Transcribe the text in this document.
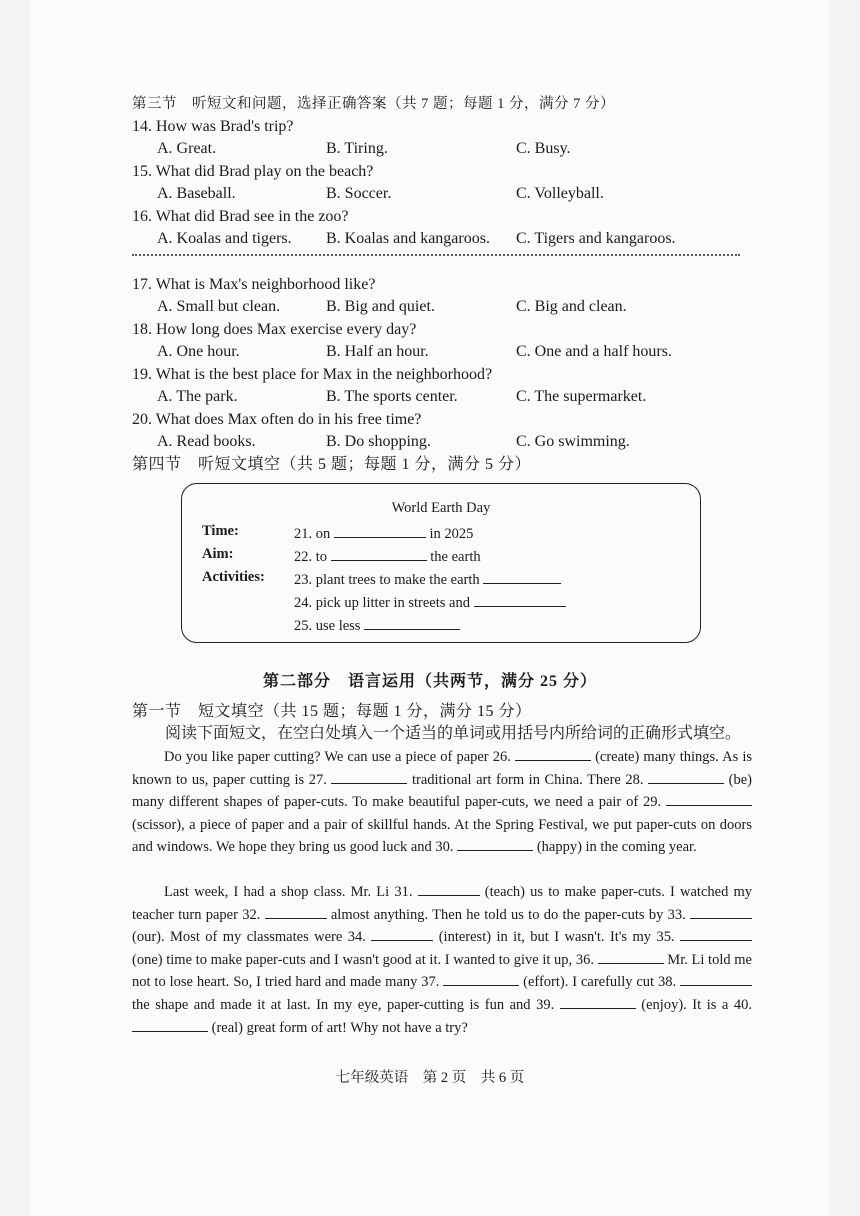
第三节　听短文和问题，选择正确答案（共 7 题；每题 1 分，满分 7 分）
14. How was Brad's trip?
A. Great.	B. Tiring.	C. Busy.
15. What did Brad play on the beach?
A. Baseball.	B. Soccer.	C. Volleyball.
16. What did Brad see in the zoo?
A. Koalas and tigers. B. Koalas and kangaroos. C. Tigers and kangaroos.
17. What is Max's neighborhood like?
A. Small but clean.	B. Big and quiet.	C. Big and clean.
18. How long does Max exercise every day?
A. One hour.	B. Half an hour.	C. One and a half hours.
19. What is the best place for Max in the neighborhood?
A. The park.	B. The sports center.	C. The supermarket.
20. What does Max often do in his free time?
A. Read books.	B. Do shopping.	C. Go swimming.
第四节　听短文填空（共 5 题；每题 1 分，满分 5 分）
World Earth Day
Time:	21. on	in 2025
Aim:	22. to	the earth
Activities: 23. plant trees to make the earth
24. pick up litter in streets and
25. use less
第二部分　语言运用（共两节，满分 25 分）
第一节　短文填空（共 15 题；每题 1 分，满分 15 分）
阅读下面短文，在空白处填入一个适当的单词或用括号内所给词的正确形式填空。
Do you like paper cutting? We can use a piece of paper 26.	(create) many things. As is known to us, paper cutting is 27.	traditional art form in China. There 28.	(be) many different shapes of paper-cuts. To make beautiful paper-cuts, we need a pair of 29.  (scissor), a piece of paper and a pair of skillful hands. At the Spring Festival, we put paper-cuts on doors and windows. We hope they bring us good luck and 30.	(happy) in the coming year.
Last week, I had a shop class. Mr. Li 31.	(teach) us to make paper-cuts. I watched my teacher turn paper 32.	almost anything. Then he told us to do the paper-cuts by 33.  (our). Most of my classmates were 34.	(interest) in it, but I wasn't. It's my 35.  (one) time to make paper-cuts and I wasn't good at it. I wanted to give it up, 36.	Mr. Li told me not to lose heart. So, I tried hard and made many 37.	(effort). I carefully cut 38.  the shape and made it at last. In my eye, paper-cutting is fun and 39.	(enjoy). It is a 40.  (real) great form of art! Why not have a try?
七年级英语　第 2 页　共 6 页
